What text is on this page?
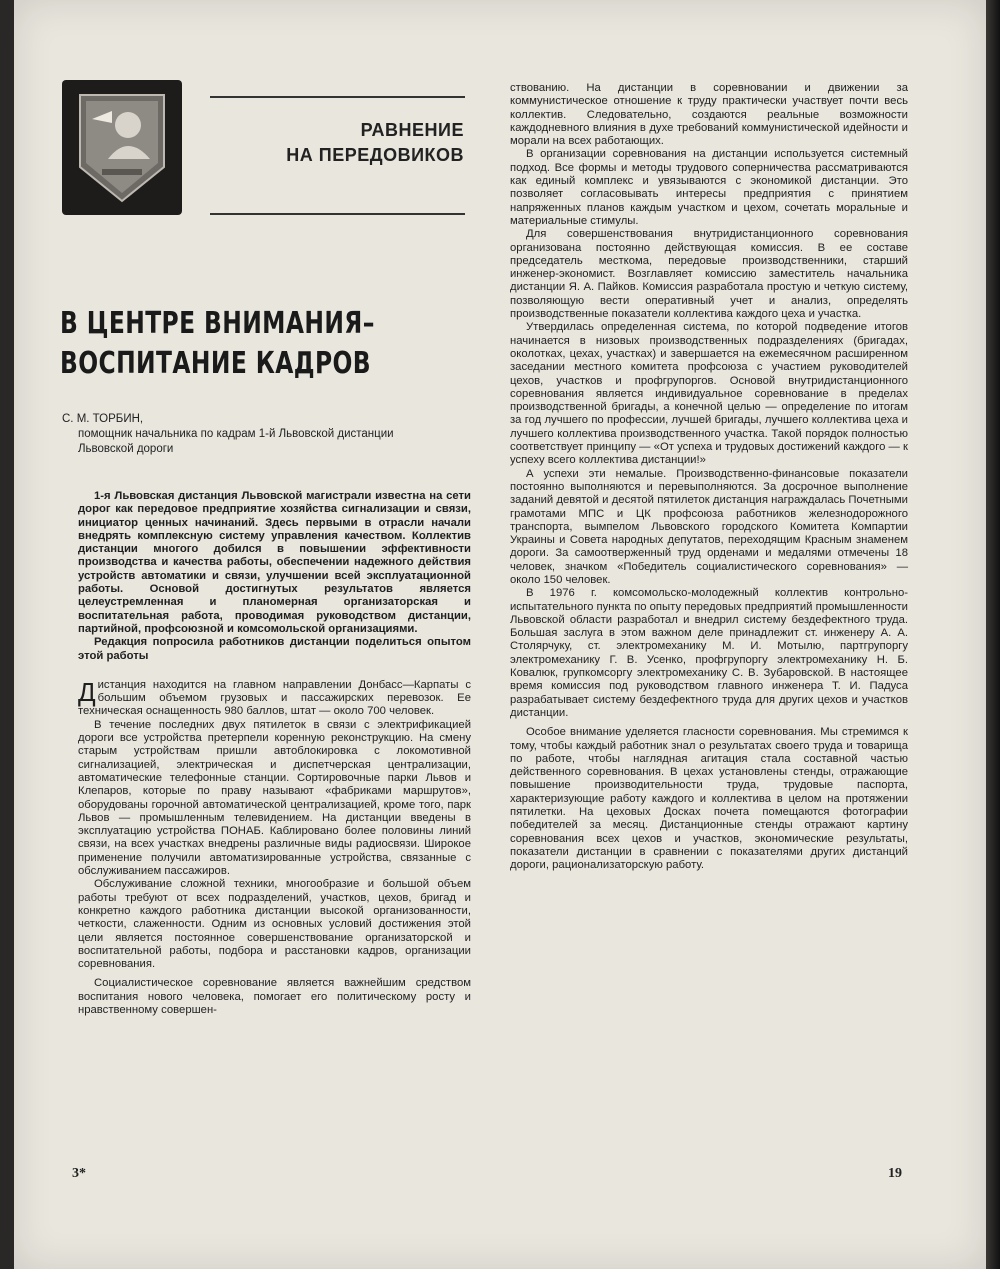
РАВНЕНИЕ
НА ПЕРЕДОВИКОВ
В ЦЕНТРЕ ВНИМАНИЯ–
ВОСПИТАНИЕ КАДРОВ
С. М. ТОРБИН,
помощник начальника по кадрам 1-й Львовской дистанции Львовской дороги

1-я Львовская дистанция Львовской магистрали известна на сети дорог как передовое предприятие хозяйства сигнализации и связи, инициатор ценных начинаний. Здесь первыми в отрасли начали внедрять комплексную систему управления качеством. Коллектив дистанции многого добился в повышении эффективности производства и качества работы, обеспечении надежного действия устройств автоматики и связи, улучшении всей эксплуатационной работы. Основой достигнутых результатов является целеустремленная и планомерная организаторская и воспитательная работа, проводимая руководством дистанции, партийной, профсоюзной и комсомольской организациями.

Редакция попросила работников дистанции поделиться опытом этой работы

Дистанция находится на главном направлении Донбасс—Карпаты с большим объемом грузовых и пассажирских перевозок. Ее техническая оснащенность 980 баллов, штат — около 700 человек.

В течение последних двух пятилеток в связи с электрификацией дороги все устройства претерпели коренную реконструкцию. На смену старым устройствам пришли автоблокировка с локомотивной сигнализацией, электрическая и диспетчерская централизации, автоматические телефонные станции. Сортировочные парки Львов и Клепаров, которые по праву называют «фабриками маршрутов», оборудованы горочной автоматической централизацией, кроме того, парк Львов — промышленным телевидением. На дистанции введены в эксплуатацию устройства ПОНАБ. Каблировано более половины линий связи, на всех участках внедрены различные виды радиосвязи. Широкое применение получили автоматизированные устройства, связанные с обслуживанием пассажиров.

Обслуживание сложной техники, многообразие и большой объем работы требуют от всех подразделений, участков, цехов, бригад и конкретно каждого работника дистанции высокой организованности, четкости, слаженности. Одним из основных условий достижения этой цели является постоянное совершенствование организаторской и воспитательной работы, подбора и расстановки кадров, организации соревнования.

Социалистическое соревнование является важнейшим средством воспитания нового человека, помогает его политическому росту и нравственному совершен-

ствованию. На дистанции в соревновании и движении за коммунистическое отношение к труду практически участвует почти весь коллектив. Следовательно, создаются реальные возможности каждодневного влияния в духе требований коммунистической идейности и морали на всех работающих.

В организации соревнования на дистанции используется системный подход. Все формы и методы трудового соперничества рассматриваются как единый комплекс и увязываются с экономикой дистанции. Это позволяет согласовывать интересы предприятия с принятием напряженных планов каждым участком и цехом, сочетать моральные и материальные стимулы.

Для совершенствования внутридистанционного соревнования организована постоянно действующая комиссия. В ее составе председатель месткома, передовые производственники, старший инженер-экономист. Возглавляет комиссию заместитель начальника дистанции Я. А. Пайков. Комиссия разработала простую и четкую систему, позволяющую вести оперативный учет и анализ, определять производственные показатели коллектива каждого цеха и участка.

Утвердилась определенная система, по которой подведение итогов начинается в низовых производственных подразделениях (бригадах, околотках, цехах, участках) и завершается на ежемесячном расширенном заседании местного комитета профсоюза с участием руководителей цехов, участков и профгрупоргов. Основой внутридистанционного соревнования является индивидуальное соревнование в пределах производственной бригады, а конечной целью — определение по итогам за год лучшего по профессии, лучшей бригады, лучшего коллектива цеха и лучшего коллектива производственного участка. Такой порядок полностью соответствует принципу — «От успеха и трудовых достижений каждого — к успеху всего коллектива дистанции!»

А успехи эти немалые. Производственно-финансовые показатели постоянно выполняются и перевыполняются. За досрочное выполнение заданий девятой и десятой пятилеток дистанция награждалась Почетными грамотами МПС и ЦК профсоюза работников железнодорожного транспорта, вымпелом Львовского городского Комитета Компартии Украины и Совета народных депутатов, переходящим Красным знаменем дороги. За самоотверженный труд орденами и медалями отмечены 18 человек, значком «Победитель социалистического соревнования» — около 150 человек.

В 1976 г. комсомольско-молодежный коллектив контрольно-испытательного пункта по опыту передовых предприятий промышленности Львовской области разработал и внедрил систему бездефектного труда. Большая заслуга в этом важном деле принадлежит ст. инженеру А. А. Столярчуку, ст. электромеханику М. И. Мотылю, партгрупоргу электромеханику Г. В. Усенко, профгрупоргу электромеханику Н. Б. Ковалюк, групкомсоргу электромеханику С. В. Зубаровской. В настоящее время комиссия под руководством главного инженера Т. И. Падуса разрабатывает систему бездефектного труда для других цехов и участков дистанции.

Особое внимание уделяется гласности соревнования. Мы стремимся к тому, чтобы каждый работник знал о результатах своего труда и товарища по работе, чтобы наглядная агитация стала составной частью действенного соревнования. В цехах установлены стенды, отражающие повышение производительности труда, трудовые паспорта, характеризующие работу каждого и коллектива в целом на протяжении пятилетки. На цеховых Досках почета помещаются фотографии победителей за месяц. Дистанционные стенды отражают картину соревнования всех цехов и участков, экономические результаты, показатели дистанции в сравнении с показателями других дистанций дороги, рационализаторскую работу.

3*	19
